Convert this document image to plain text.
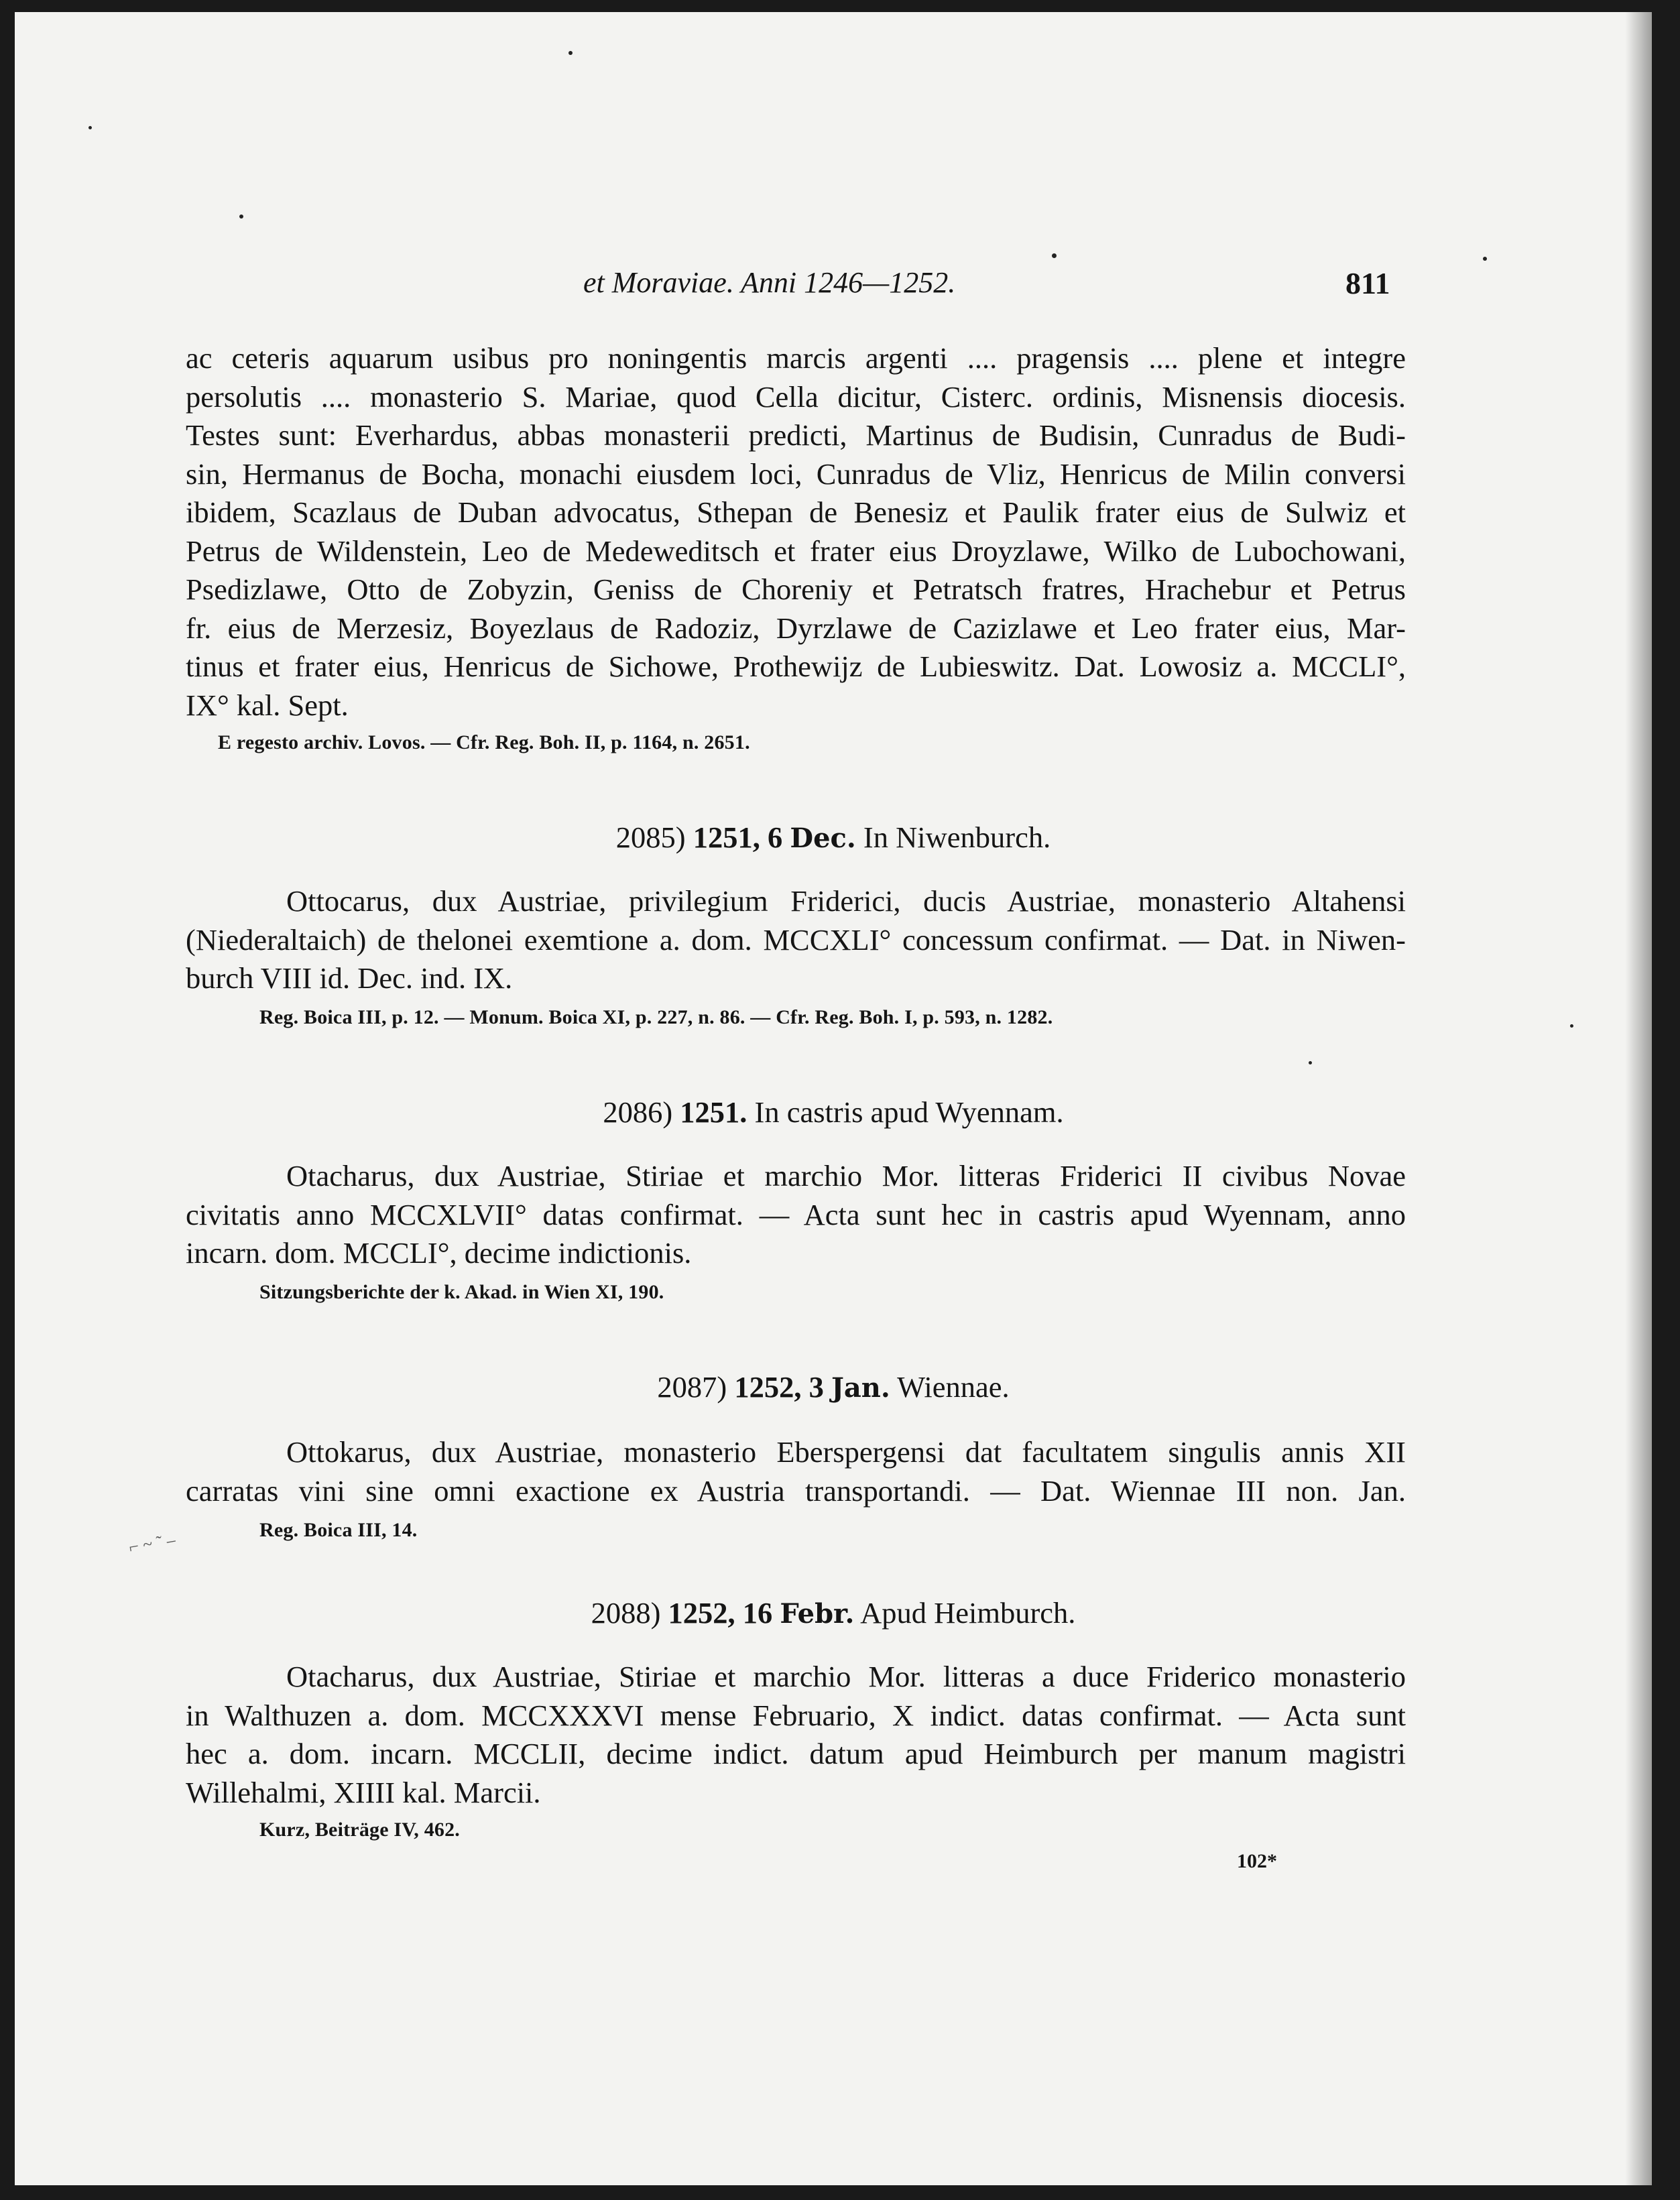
⌐ ~ ˜ –
et Moraviae. Anni 1246—1252.	811
ac ceteris aquarum usibus pro noningentis marcis argenti .... pragensis .... plene et integre
persolutis .... monasterio S. Mariae, quod Cella dicitur, Cisterc. ordinis, Misnensis diocesis.
Testes sunt: Everhardus, abbas monasterii predicti, Martinus de Budisin, Cunradus de Budi-
sin, Hermanus de Bocha, monachi eiusdem loci, Cunradus de Vliz, Henricus de Milin conversi
ibidem, Scazlaus de Duban advocatus, Sthepan de Benesiz et Paulik frater eius de Sulwiz et
Petrus de Wildenstein, Leo de Medeweditsch et frater eius Droyzlawe, Wilko de Lubochowani,
Psedizlawe, Otto de Zobyzin, Geniss de Choreniy et Petratsch fratres, Hrachebur et Petrus
fr. eius de Merzesiz, Boyezlaus de Radoziz, Dyrzlawe de Cazizlawe et Leo frater eius, Mar-
tinus et frater eius, Henricus de Sichowe, Prothewijz de Lubieswitz. Dat. Lowosiz a. MCCLI°,
IX° kal. Sept.
E regesto archiv. Lovos. — Cfr. Reg. Boh. II, p. 1164, n. 2651.
2085) 1251, 6 Dec. In Niwenburch.
Ottocarus, dux Austriae, privilegium Friderici, ducis Austriae, monasterio Altahensi
(Niederaltaich) de thelonei exemtione a. dom. MCCXLI° concessum confirmat. — Dat. in Niwen-
burch VIII id. Dec. ind. IX.
Reg. Boica III, p. 12. — Monum. Boica XI, p. 227, n. 86. — Cfr. Reg. Boh. I, p. 593, n. 1282.
2086) 1251. In castris apud Wyennam.
Otacharus, dux Austriae, Stiriae et marchio Mor. litteras Friderici II civibus Novae
civitatis anno MCCXLVII° datas confirmat. — Acta sunt hec in castris apud Wyennam, anno
incarn. dom. MCCLI°, decime indictionis.
Sitzungsberichte der k. Akad. in Wien XI, 190.
2087) 1252, 3 Jan. Wiennae.
Ottokarus, dux Austriae, monasterio Eberspergensi dat facultatem singulis annis XII
carratas vini sine omni exactione ex Austria transportandi. — Dat. Wiennae III non. Jan.
Reg. Boica III, 14.
2088) 1252, 16 Febr. Apud Heimburch.
Otacharus, dux Austriae, Stiriae et marchio Mor. litteras a duce Friderico monasterio
in Walthuzen a. dom. MCCXXXVI mense Februario, X indict. datas confirmat. — Acta sunt
hec a. dom. incarn. MCCLII, decime indict. datum apud Heimburch per manum magistri
Willehalmi, XIIII kal. Marcii.
Kurz, Beiträge IV, 462.
102*
